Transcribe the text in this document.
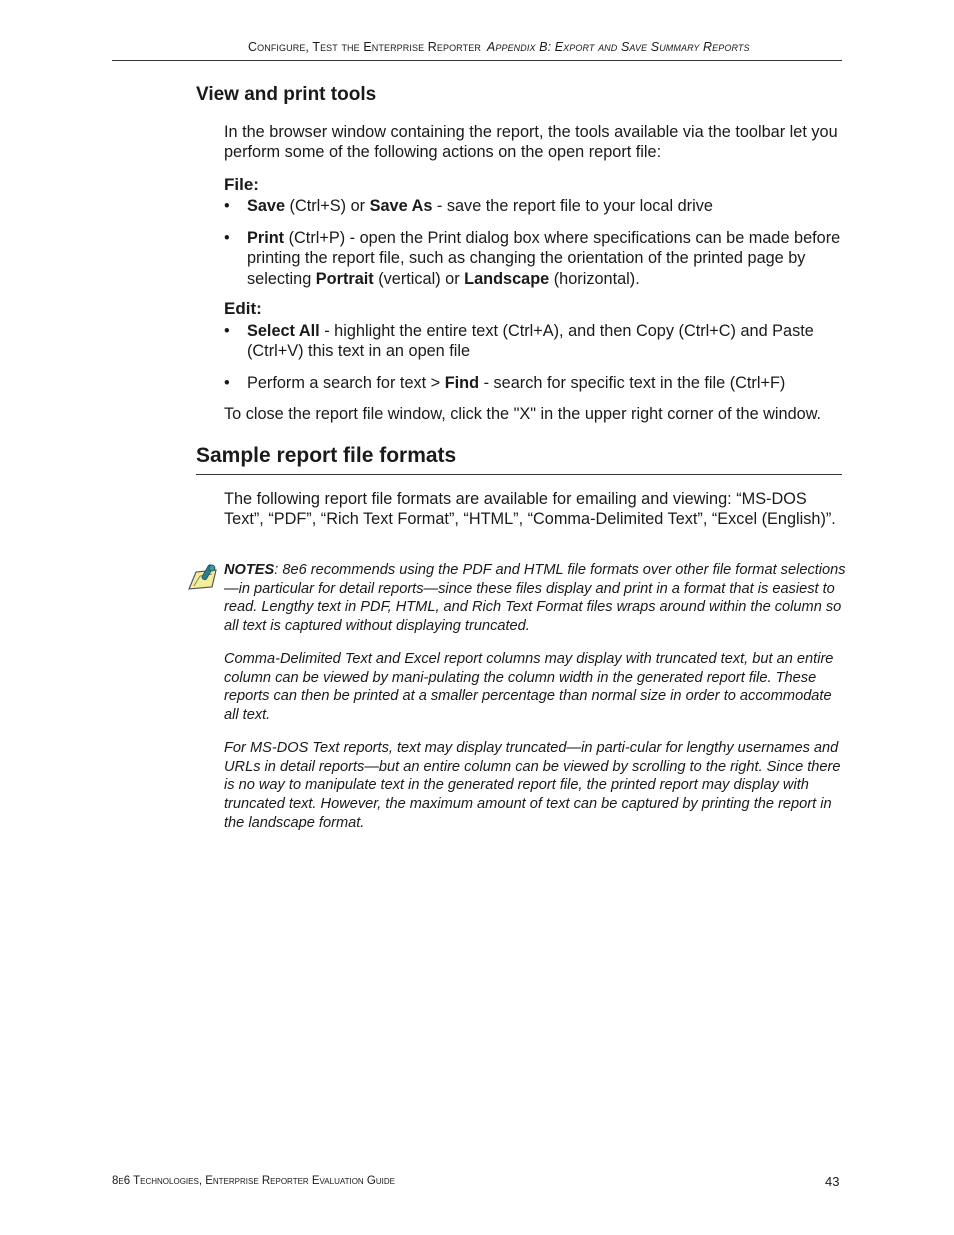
Configure, Test the Enterprise Reporter Appendix B: Export and Save Summary Reports
View and print tools

In the browser window containing the report, the tools available via the toolbar let you perform some of the following actions on the open report file:

File:

• Save (Ctrl+S) or Save As - save the report file to your local drive
• Print (Ctrl+P) - open the Print dialog box where specifications can be made before printing the report file, such as changing the orientation of the printed page by selecting Portrait (vertical) or Landscape (horizontal).

Edit:

• Select All - highlight the entire text (Ctrl+A), and then Copy (Ctrl+C) and Paste (Ctrl+V) this text in an open file
• Perform a search for text > Find - search for specific text in the file (Ctrl+F)

To close the report file window, click the "X" in the upper right corner of the window.

Sample report file formats

The following report file formats are available for emailing and viewing: “MS-DOS Text”, “PDF”, “Rich Text Format”, “HTML”, “Comma-Delimited Text”, “Excel (English)”.

NOTES: 8e6 recommends using the PDF and HTML file formats over other file format selections—in particular for detail reports—since these files display and print in a format that is easiest to read. Lengthy text in PDF, HTML, and Rich Text Format files wraps around within the column so all text is captured without displaying truncated.

Comma-Delimited Text and Excel report columns may display with truncated text, but an entire column can be viewed by mani-pulating the column width in the generated report file. These reports can then be printed at a smaller percentage than normal size in order to accommodate all text.

For MS-DOS Text reports, text may display truncated—in parti-cular for lengthy usernames and URLs in detail reports—but an entire column can be viewed by scrolling to the right. Since there is no way to manipulate text in the generated report file, the printed report may display with truncated text. However, the maximum amount of text can be captured by printing the report in the landscape format.

8e6 Technologies, Enterprise Reporter Evaluation Guide	43
